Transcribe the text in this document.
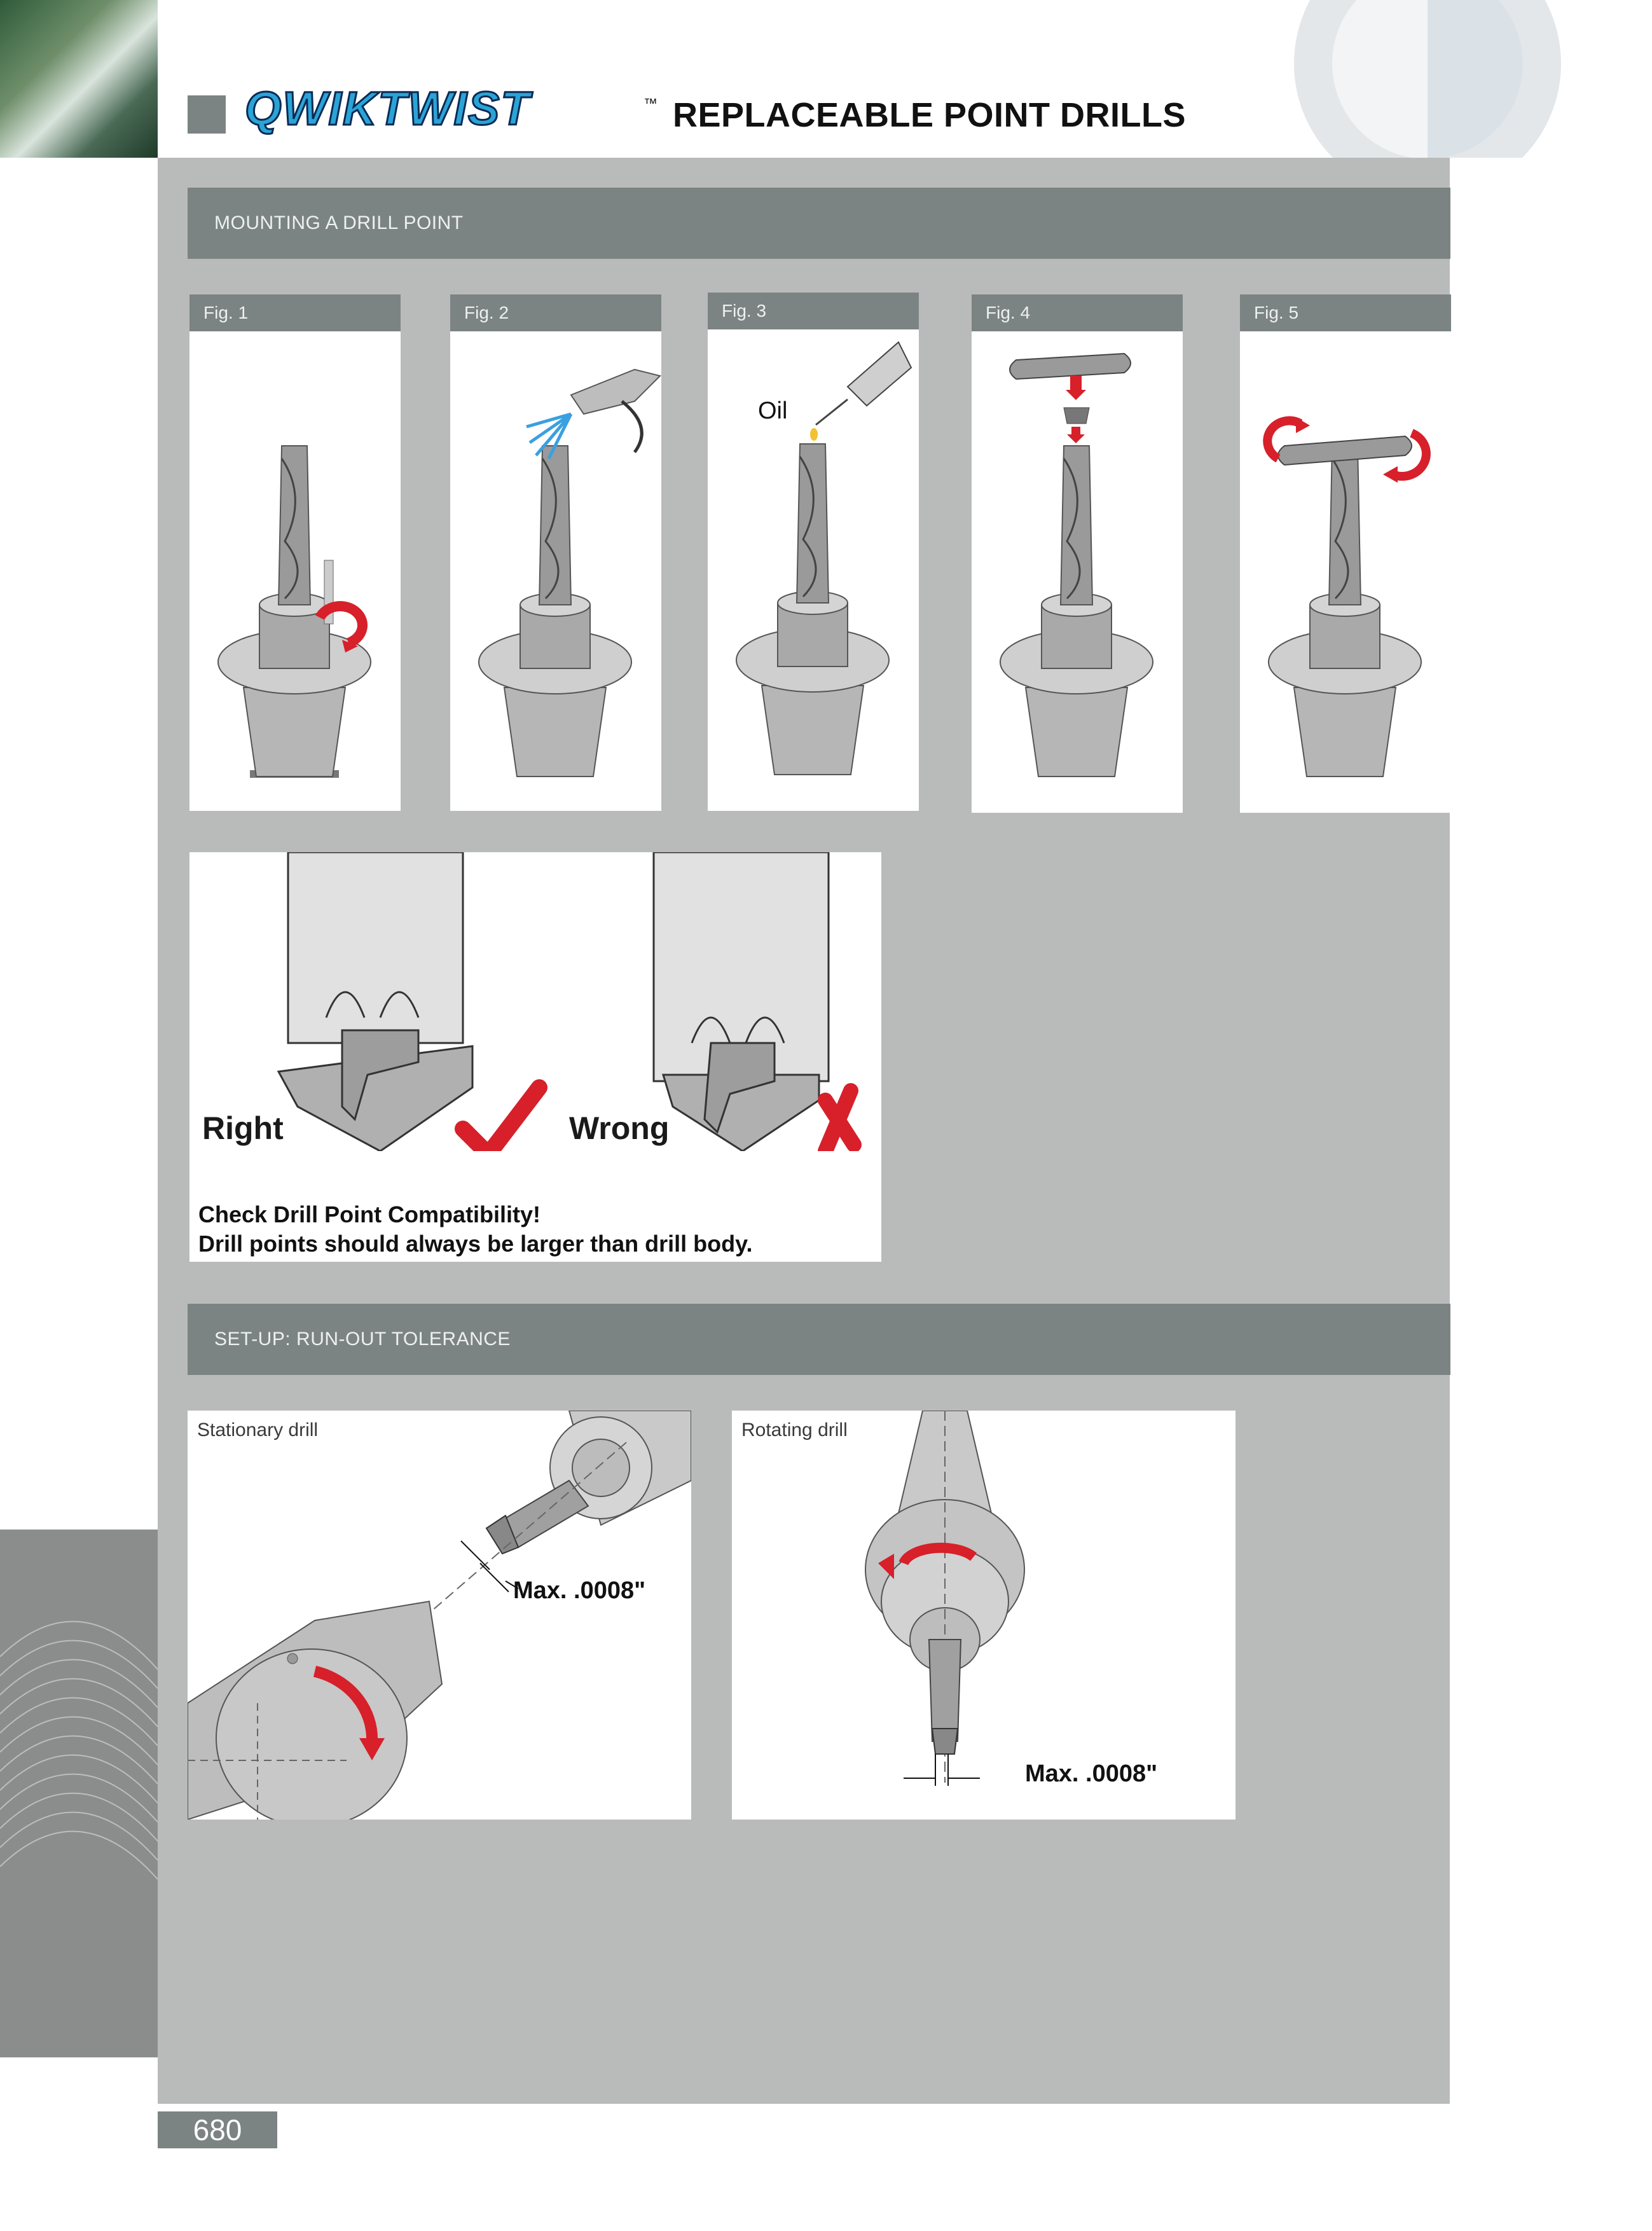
QWIKTWIST	™ REPLACEABLE POINT DRILLS
MOUNTING A DRILL POINT
Fig. 1	Fig. 2	Fig. 3
Oil
Fig. 4	Fig. 5
Right	Wrong
Check Drill Point Compatibility!
Drill points should always be larger than drill body.
SET-UP: RUN-OUT TOLERANCE
Stationary drill
Max. .0008"
Rotating drill
Max. .0008"
680
